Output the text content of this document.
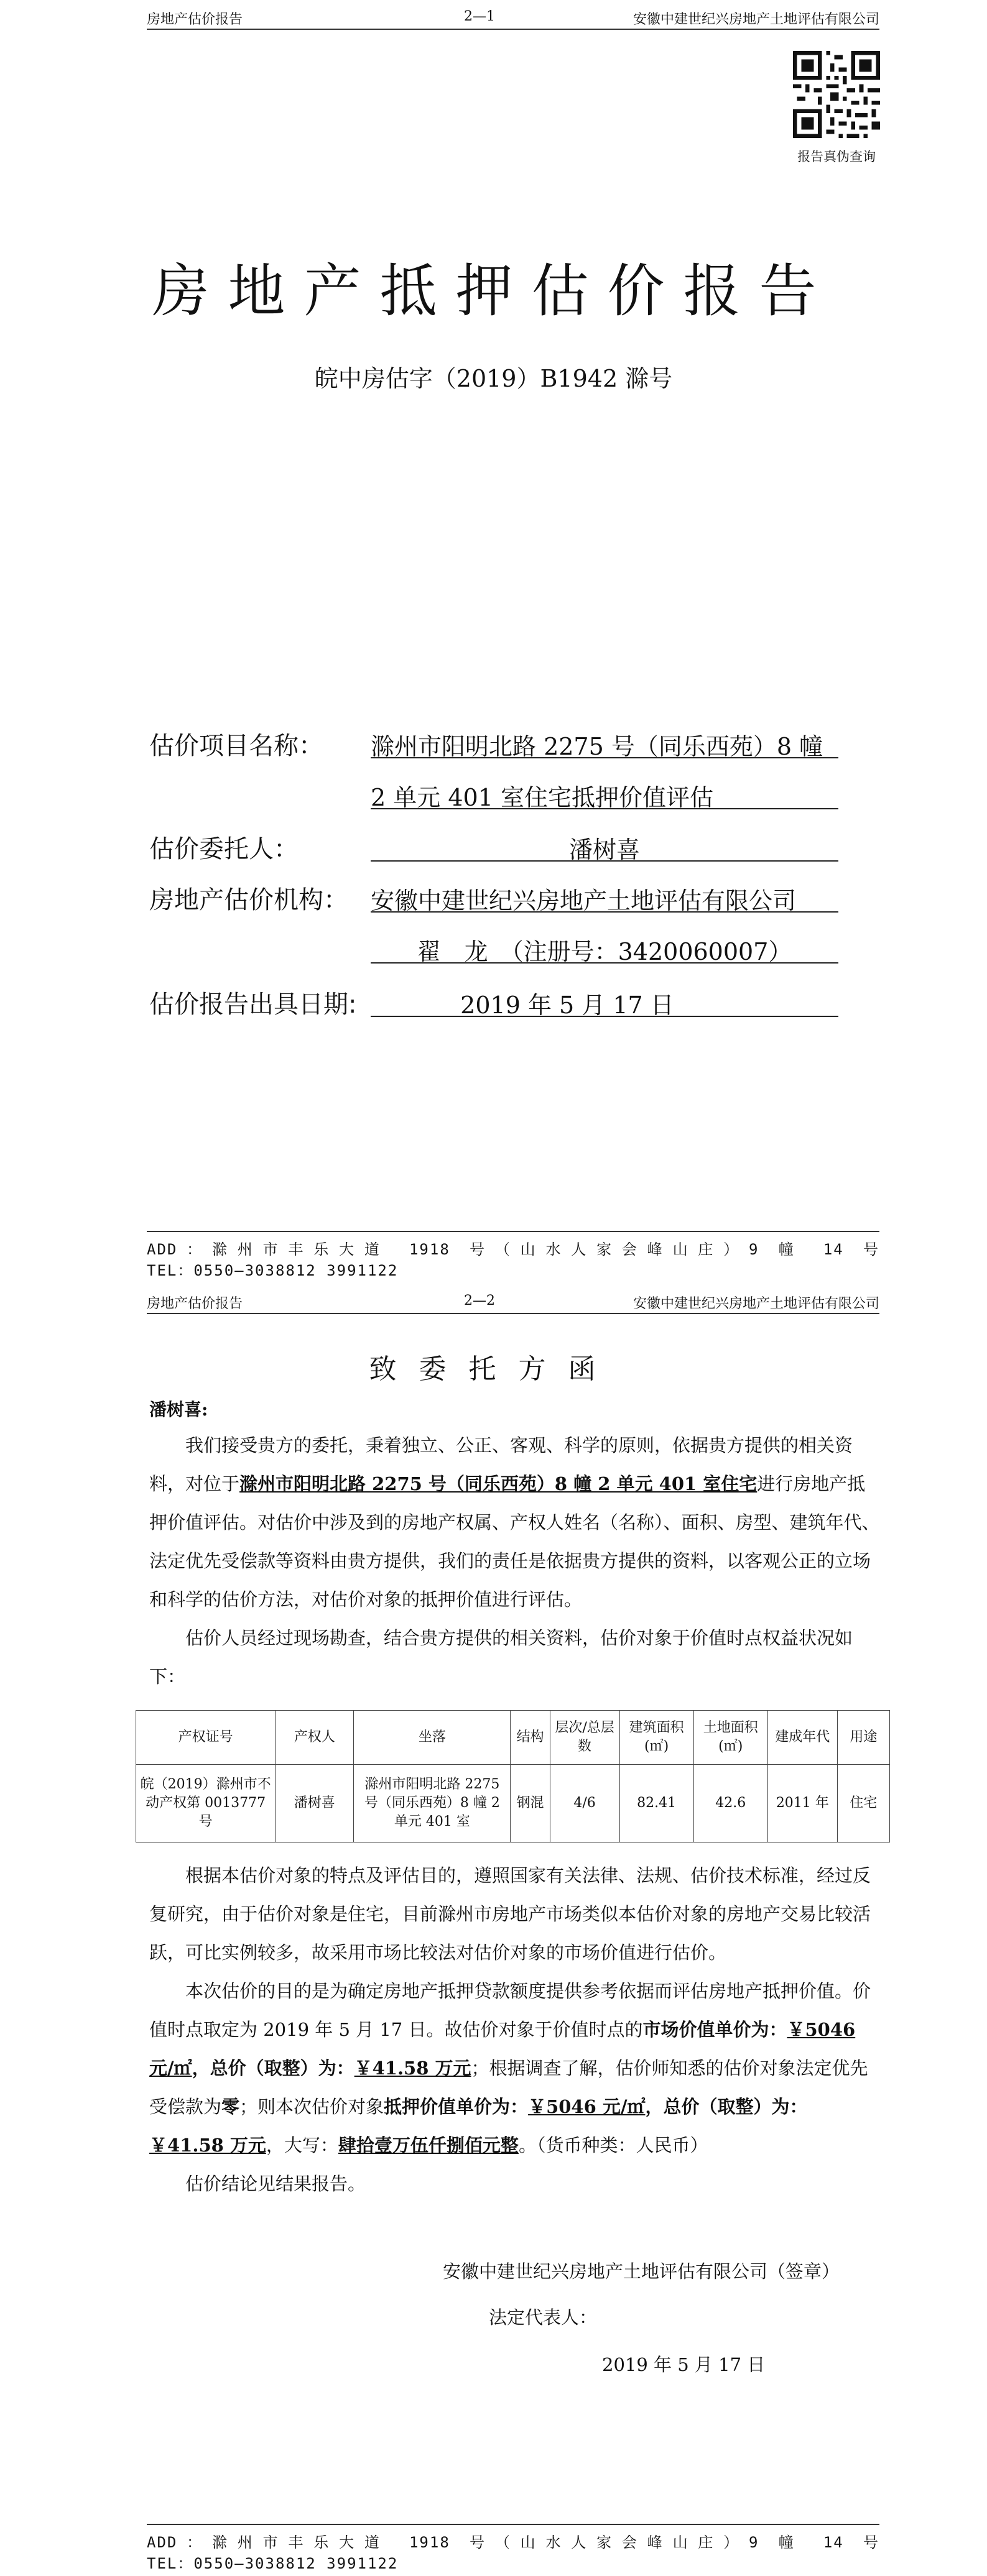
房地产估价报告	2—1	安徽中建世纪兴房地产土地评估有限公司
报告真伪查询
房地产抵押估价报告
皖中房估字（2019）B1942 滁号
估价项目名称： 滁州市阳明北路 2275 号（同乐西苑）8 幢
2 单元 401 室住宅抵押价值评估
估价委托人：	潘树喜
房地产估价机构： 安徽中建世纪兴房地产土地评估有限公司
翟　龙　（注册号：3420060007）
估价报告出具日期:	2019 年 5 月 17 日
ADD：滁州市丰乐大道 1918 号（山水人家会峰山庄）9 幢 14 号
TEL：0550—3038812 3991122
房地产估价报告	2—2	安徽中建世纪兴房地产土地评估有限公司
致委托方函
潘树喜:

我们接受贵方的委托，秉着独立、公正、客观、科学的原则，依据贵方提供的相关资料，对位于滁州市阳明北路 2275 号（同乐西苑）8 幢 2 单元 401 室住宅进行房地产抵押价值评估。对估价中涉及到的房地产权属、产权人姓名（名称）、面积、房型、建筑年代、法定优先受偿款等资料由贵方提供，我们的责任是依据贵方提供的资料，以客观公正的立场和科学的估价方法，对估价对象的抵押价值进行评估。

估价人员经过现场勘查，结合贵方提供的相关资料，估价对象于价值时点权益状况如下：

产权证号	产权人	坐落	结构	层次/总层数	建筑面积(㎡)	土地面积(㎡)	建成年代	用途
皖（2019）滁州市不动产权第 0013777 号	潘树喜	滁州市阳明北路 2275 号（同乐西苑）8 幢 2 单元 401 室	钢混	4/6	82.41	42.6	2011 年	住宅

根据本估价对象的特点及评估目的，遵照国家有关法律、法规、估价技术标准，经过反复研究，由于估价对象是住宅，目前滁州市房地产市场类似本估价对象的房地产交易比较活跃，可比实例较多，故采用市场比较法对估价对象的市场价值进行估价。

本次估价的目的是为确定房地产抵押贷款额度提供参考依据而评估房地产抵押价值。价值时点取定为 2019 年 5 月 17 日。故估价对象于价值时点的市场价值单价为：￥5046 元/㎡，总价（取整）为：￥41.58 万元；根据调查了解，估价师知悉的估价对象法定优先受偿款为零；则本次估价对象抵押价值单价为：￥5046 元/㎡，总价（取整）为：￥41.58 万元，大写：肆拾壹万伍仟捌佰元整。（货币种类：人民币）

估价结论见结果报告。

安徽中建世纪兴房地产土地评估有限公司（签章）
法定代表人：
2019 年 5 月 17 日
ADD：滁州市丰乐大道 1918 号（山水人家会峰山庄）9 幢 14 号
TEL：0550—3038812 3991122
